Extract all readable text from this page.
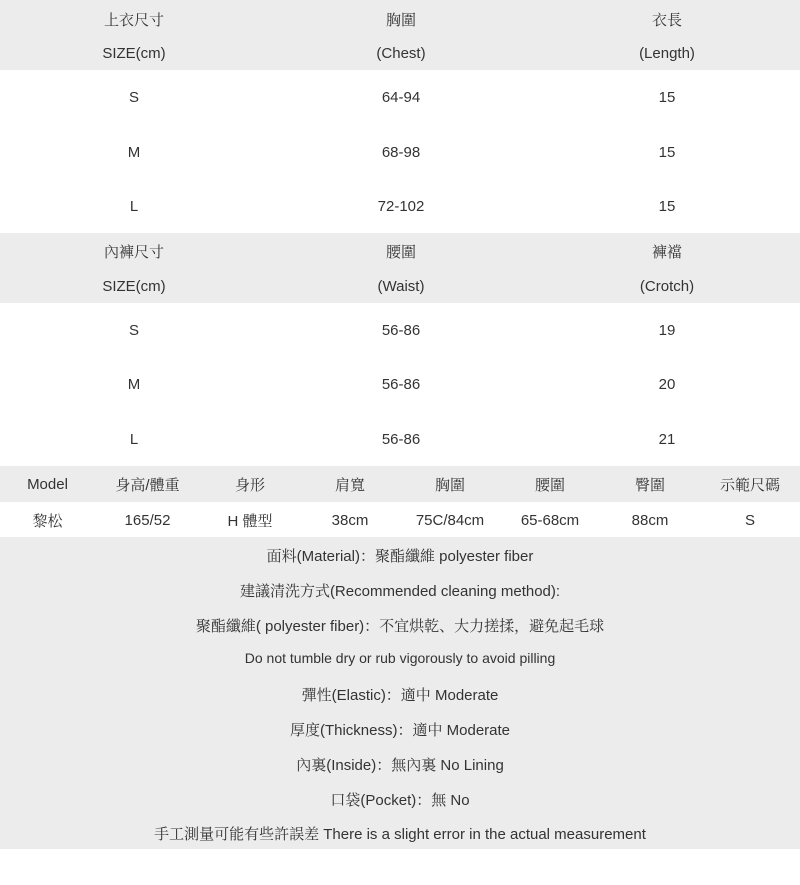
上衣尺寸	胸圍	衣長
SIZE(cm)	(Chest)	(Length)
S	64-94	15
M	68-98	15
L	72-102	15
內褲尺寸	腰圍	褲襠
SIZE(cm)	(Waist)	(Crotch)
S	56-86	19
M	56-86	20
L	56-86	21
Model	身高/體重	身形	肩寬	胸圍	腰圍	臀圍	示範尺碼
黎松	165/52	H 體型	38cm	75C/84cm	65-68cm	88cm	S
面料(Material)：聚酯纖維 polyester fiber
建議清洗方式(Recommended cleaning method):
聚酯纖維( polyester fiber)：不宜烘乾、大力搓揉，避免起毛球
Do not tumble dry or rub vigorously to avoid pilling
彈性(Elastic)：適中 Moderate
厚度(Thickness)：適中 Moderate
內裏(Inside)：無內裏 No Lining
口袋(Pocket)：無 No
手工測量可能有些許誤差 There is a slight error in the actual measurement
